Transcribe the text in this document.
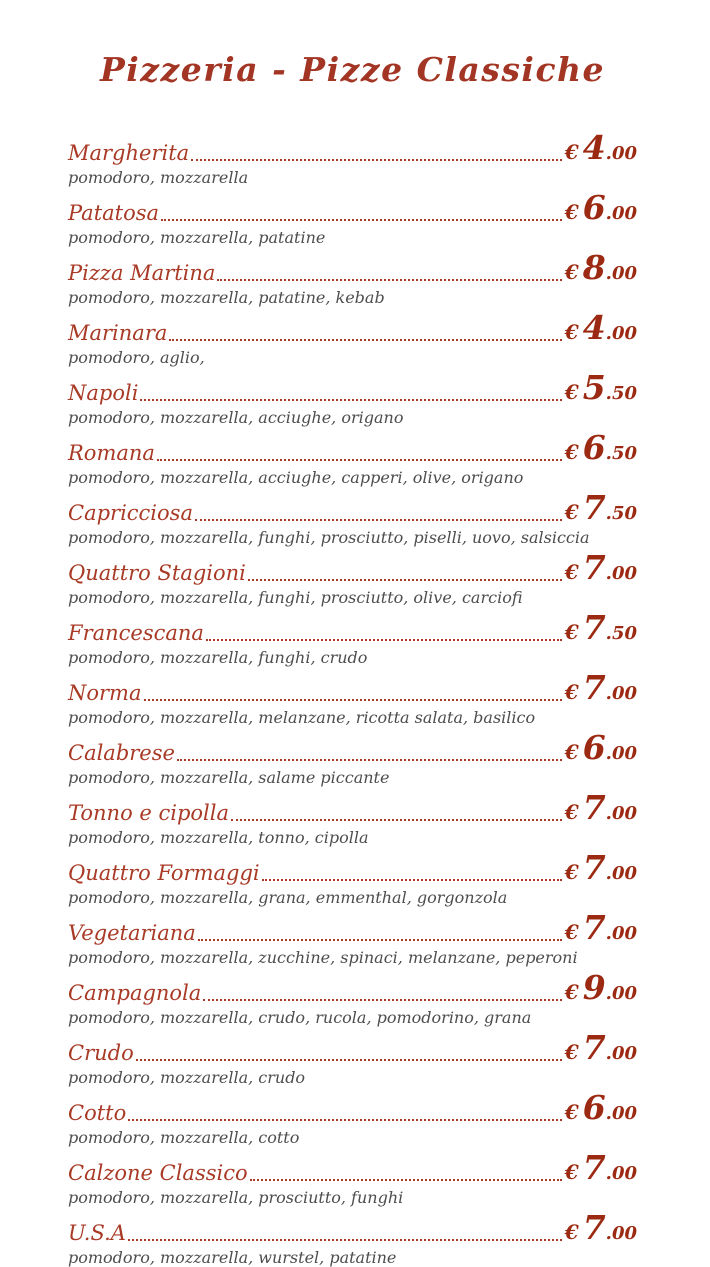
Pizzeria - Pizze Classiche
Margherita	€ 4.00
pomodoro, mozzarella
Patatosa	€ 6.00
pomodoro, mozzarella, patatine
Pizza Martina	€ 8.00
pomodoro, mozzarella, patatine, kebab
Marinara	€ 4.00
pomodoro, aglio,
Napoli	€ 5.50
pomodoro, mozzarella, acciughe, origano
Romana	€ 6.50
pomodoro, mozzarella, acciughe, capperi, olive, origano
Capricciosa	€ 7.50
pomodoro, mozzarella, funghi, prosciutto, piselli, uovo, salsiccia
Quattro Stagioni	€ 7.00
pomodoro, mozzarella, funghi, prosciutto, olive, carciofi
Francescana	€ 7.50
pomodoro, mozzarella, funghi, crudo
Norma	€ 7.00
pomodoro, mozzarella, melanzane, ricotta salata, basilico
Calabrese	€ 6.00
pomodoro, mozzarella, salame piccante
Tonno e cipolla	€ 7.00
pomodoro, mozzarella, tonno, cipolla
Quattro Formaggi	€ 7.00
pomodoro, mozzarella, grana, emmenthal, gorgonzola
Vegetariana	€ 7.00
pomodoro, mozzarella, zucchine, spinaci, melanzane, peperoni
Campagnola	€ 9.00
pomodoro, mozzarella, crudo, rucola, pomodorino, grana
Crudo	€ 7.00
pomodoro, mozzarella, crudo
Cotto	€ 6.00
pomodoro, mozzarella, cotto
Calzone Classico	€ 7.00
pomodoro, mozzarella, prosciutto, funghi
U.S.A	€ 7.00
pomodoro, mozzarella, wurstel, patatine
